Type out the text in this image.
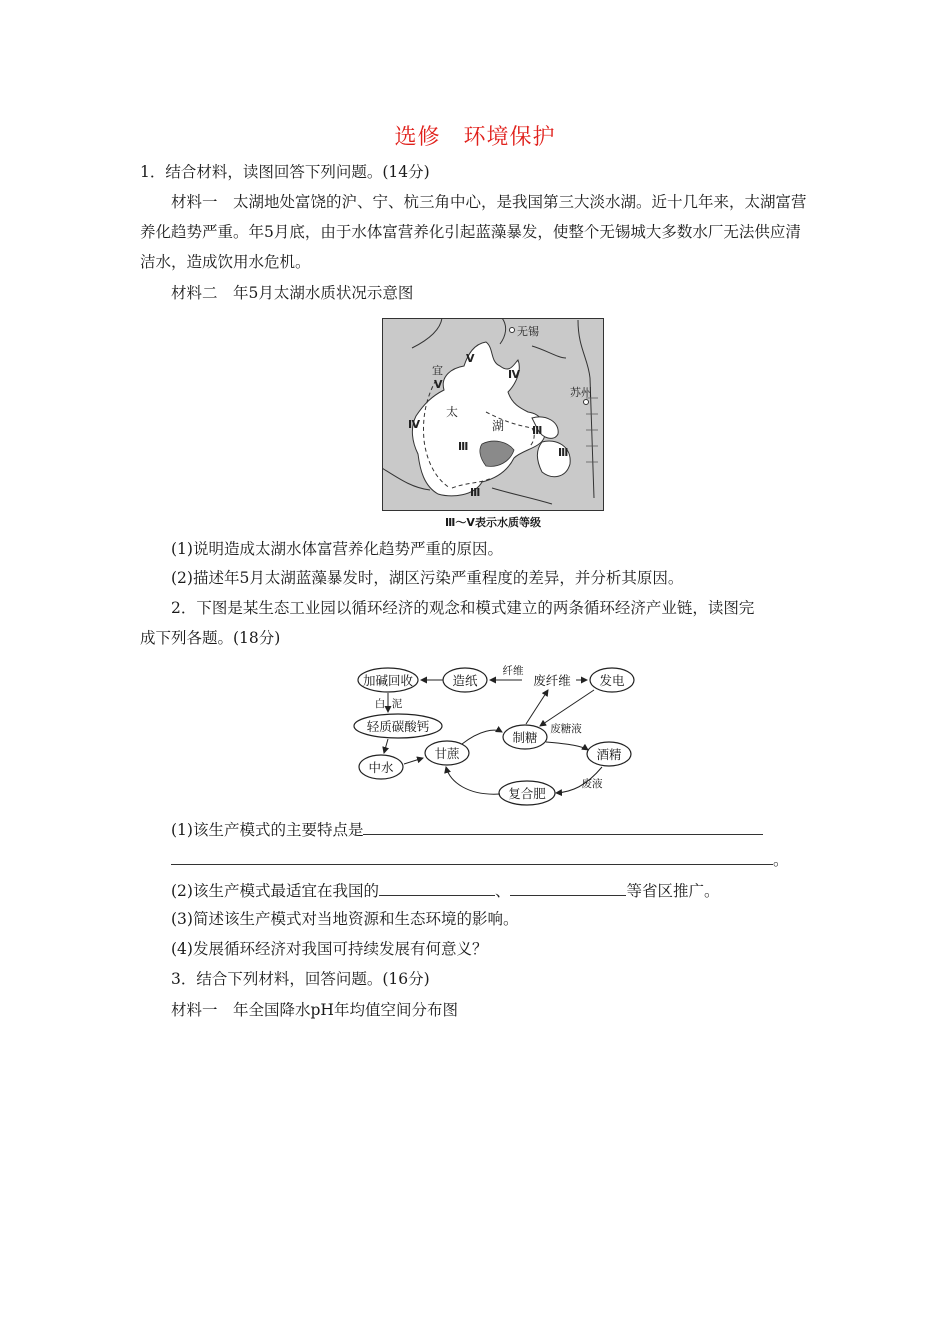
选修　环境保护
1．结合材料，读图回答下列问题。(14分)
材料一　太湖地处富饶的沪、宁、杭三角中心，是我国第三大淡水湖。近十几年来，太湖富营养化趋势严重。年5月底，由于水体富营养化引起蓝藻暴发，使整个无锡城大多数水厂无法供应清洁水，造成饮用水危机。
材料二　年5月太湖水质状况示意图
无锡
苏州
太
湖
宜
Ⅴ
Ⅴ
Ⅳ
Ⅳ
Ⅲ
Ⅲ
Ⅲ
Ⅲ
Ⅲ～Ⅴ表示水质等级
(1)说明造成太湖水体富营养化趋势严重的原因。
(2)描述年5月太湖蓝藻暴发时，湖区污染严重程度的差异，并分析其原因。
2．下图是某生态工业园以循环经济的观念和模式建立的两条循环经济产业链，读图完
成下列各题。(18分)
加碱回收	造纸	废纤维 发电
轻质碳酸钙
中水
甘蔗
制糖
酒精
复合肥
纤维
白 泥
废糖液
废液
(1)该生产模式的主要特点是
。
(2)该生产模式最适宜在我国的	、	等省区推广。
(3)简述该生产模式对当地资源和生态环境的影响。
(4)发展循环经济对我国可持续发展有何意义？
3．结合下列材料，回答问题。(16分)
材料一　年全国降水pH年均值空间分布图
